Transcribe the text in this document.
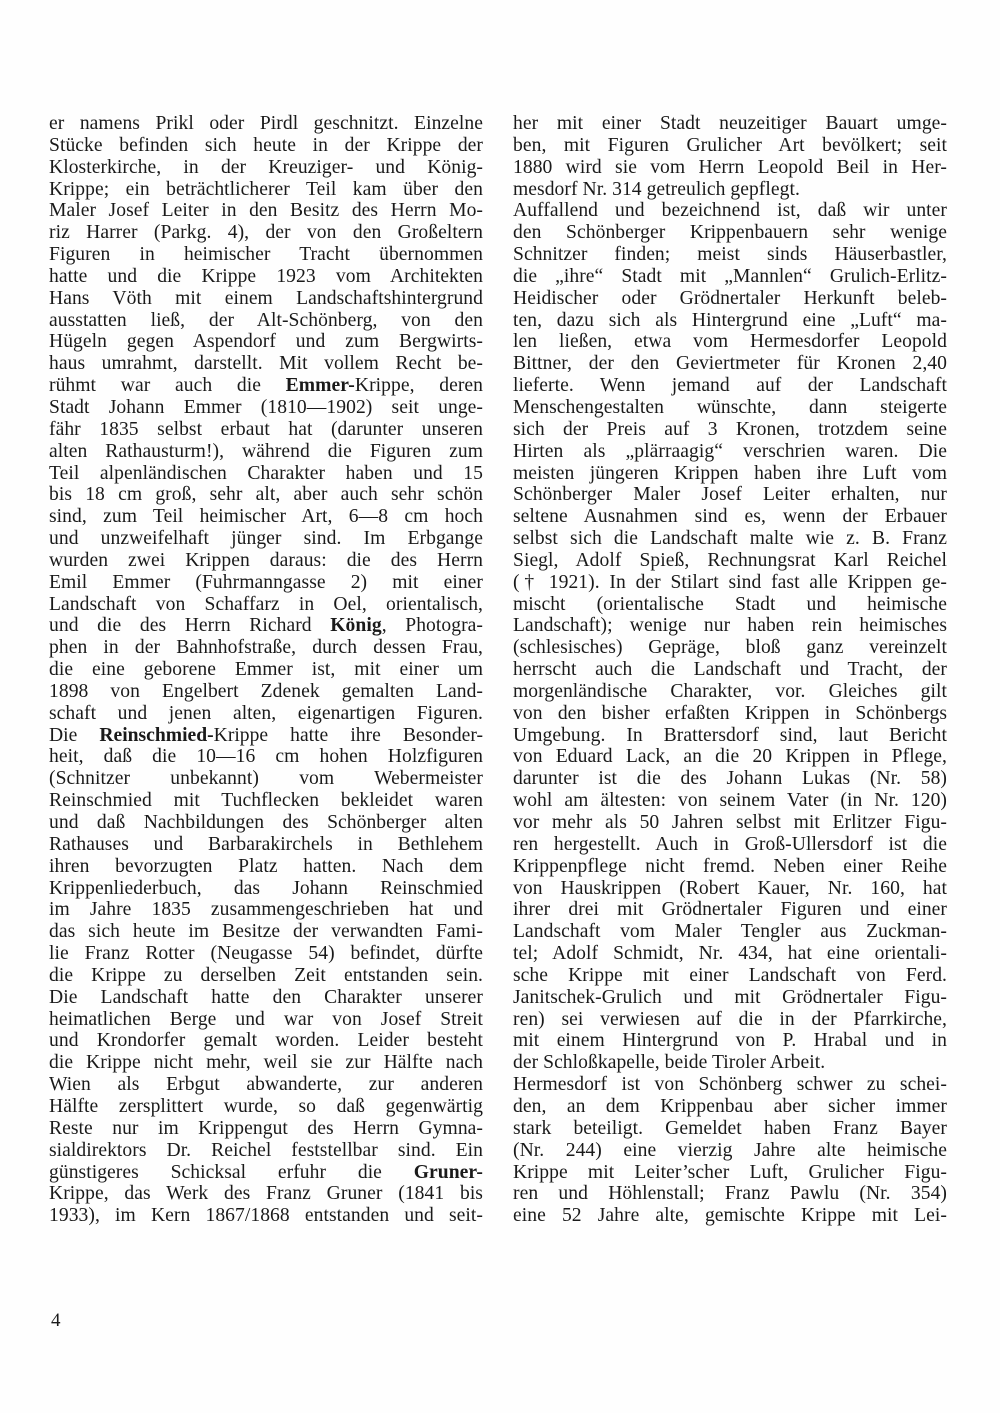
er namens Prikl oder Pirdl geschnitzt. Einzelne
Stücke befinden sich heute in der Krippe der
Klosterkirche, in der Kreuziger- und König-
Krippe; ein beträchtlicherer Teil kam über den
Maler Josef Leiter in den Besitz des Herrn Mo-
riz Harrer (Parkg. 4), der von den Großeltern
Figuren in heimischer Tracht übernommen
hatte und die Krippe 1923 vom Architekten
Hans Vöth mit einem Landschaftshintergrund
ausstatten ließ, der Alt-Schönberg, von den
Hügeln gegen Aspendorf und zum Bergwirts-
haus umrahmt, darstellt. Mit vollem Recht be-
rühmt war auch die Emmer-Krippe, deren
Stadt Johann Emmer (1810—1902) seit unge-
fähr 1835 selbst erbaut hat (darunter unseren
alten Rathausturm!), während die Figuren zum
Teil alpenländischen Charakter haben und 15
bis 18 cm groß, sehr alt, aber auch sehr schön
sind, zum Teil heimischer Art, 6—8 cm hoch
und unzweifelhaft jünger sind. Im Erbgange
wurden zwei Krippen daraus: die des Herrn
Emil Emmer (Fuhrmanngasse 2) mit einer
Landschaft von Schaffarz in Oel, orientalisch,
und die des Herrn Richard König, Photogra-
phen in der Bahnhofstraße, durch dessen Frau,
die eine geborene Emmer ist, mit einer um
1898 von Engelbert Zdenek gemalten Land-
schaft und jenen alten, eigenartigen Figuren.
Die Reinschmied-Krippe hatte ihre Besonder-
heit, daß die 10—16 cm hohen Holzfiguren
(Schnitzer unbekannt) vom Webermeister
Reinschmied mit Tuchflecken bekleidet waren
und daß Nachbildungen des Schönberger alten
Rathauses und Barbarakirchels in Bethlehem
ihren bevorzugten Platz hatten. Nach dem
Krippenliederbuch, das Johann Reinschmied
im Jahre 1835 zusammengeschrieben hat und
das sich heute im Besitze der verwandten Fami-
lie Franz Rotter (Neugasse 54) befindet, dürfte
die Krippe zu derselben Zeit entstanden sein.
Die Landschaft hatte den Charakter unserer
heimatlichen Berge und war von Josef Streit
und Krondorfer gemalt worden. Leider besteht
die Krippe nicht mehr, weil sie zur Hälfte nach
Wien als Erbgut abwanderte, zur anderen
Hälfte zersplittert wurde, so daß gegenwärtig
Reste nur im Krippengut des Herrn Gymna-
sialdirektors Dr. Reichel feststellbar sind. Ein
günstigeres Schicksal erfuhr die Gruner-
Krippe, das Werk des Franz Gruner (1841 bis
1933), im Kern 1867/1868 entstanden und seit-
her mit einer Stadt neuzeitiger Bauart umge-
ben, mit Figuren Grulicher Art bevölkert; seit
1880 wird sie vom Herrn Leopold Beil in Her-
mesdorf Nr. 314 getreulich gepflegt.
Auffallend und bezeichnend ist, daß wir unter
den Schönberger Krippenbauern sehr wenige
Schnitzer finden; meist sinds Häuserbastler,
die „ihre“ Stadt mit „Mannlen“ Grulich-Erlitz-
Heidischer oder Grödnertaler Herkunft beleb-
ten, dazu sich als Hintergrund eine „Luft“ ma-
len ließen, etwa vom Hermesdorfer Leopold
Bittner, der den Geviertmeter für Kronen 2,40
lieferte. Wenn jemand auf der Landschaft
Menschengestalten wünschte, dann steigerte
sich der Preis auf 3 Kronen, trotzdem seine
Hirten als „plärraagig“ verschrien waren. Die
meisten jüngeren Krippen haben ihre Luft vom
Schönberger Maler Josef Leiter erhalten, nur
seltene Ausnahmen sind es, wenn der Erbauer
selbst sich die Landschaft malte wie z. B. Franz
Siegl, Adolf Spieß, Rechnungsrat Karl Reichel
(† 1921). In der Stilart sind fast alle Krippen ge-
mischt (orientalische Stadt und heimische
Landschaft); wenige nur haben rein heimisches
(schlesisches) Gepräge, bloß ganz vereinzelt
herrscht auch die Landschaft und Tracht, der
morgenländische Charakter, vor. Gleiches gilt
von den bisher erfaßten Krippen in Schönbergs
Umgebung. In Brattersdorf sind, laut Bericht
von Eduard Lack, an die 20 Krippen in Pflege,
darunter ist die des Johann Lukas (Nr. 58)
wohl am ältesten: von seinem Vater (in Nr. 120)
vor mehr als 50 Jahren selbst mit Erlitzer Figu-
ren hergestellt. Auch in Groß-Ullersdorf ist die
Krippenpflege nicht fremd. Neben einer Reihe
von Hauskrippen (Robert Kauer, Nr. 160, hat
ihrer drei mit Grödnertaler Figuren und einer
Landschaft vom Maler Tengler aus Zuckman-
tel; Adolf Schmidt, Nr. 434, hat eine orientali-
sche Krippe mit einer Landschaft von Ferd.
Janitschek-Grulich und mit Grödnertaler Figu-
ren) sei verwiesen auf die in der Pfarrkirche,
mit einem Hintergrund von P. Hrabal und in
der Schloßkapelle, beide Tiroler Arbeit.
Hermesdorf ist von Schönberg schwer zu schei-
den, an dem Krippenbau aber sicher immer
stark beteiligt. Gemeldet haben Franz Bayer
(Nr. 244) eine vierzig Jahre alte heimische
Krippe mit Leiter’scher Luft, Grulicher Figu-
ren und Höhlenstall; Franz Pawlu (Nr. 354)
eine 52 Jahre alte, gemischte Krippe mit Lei-
4
